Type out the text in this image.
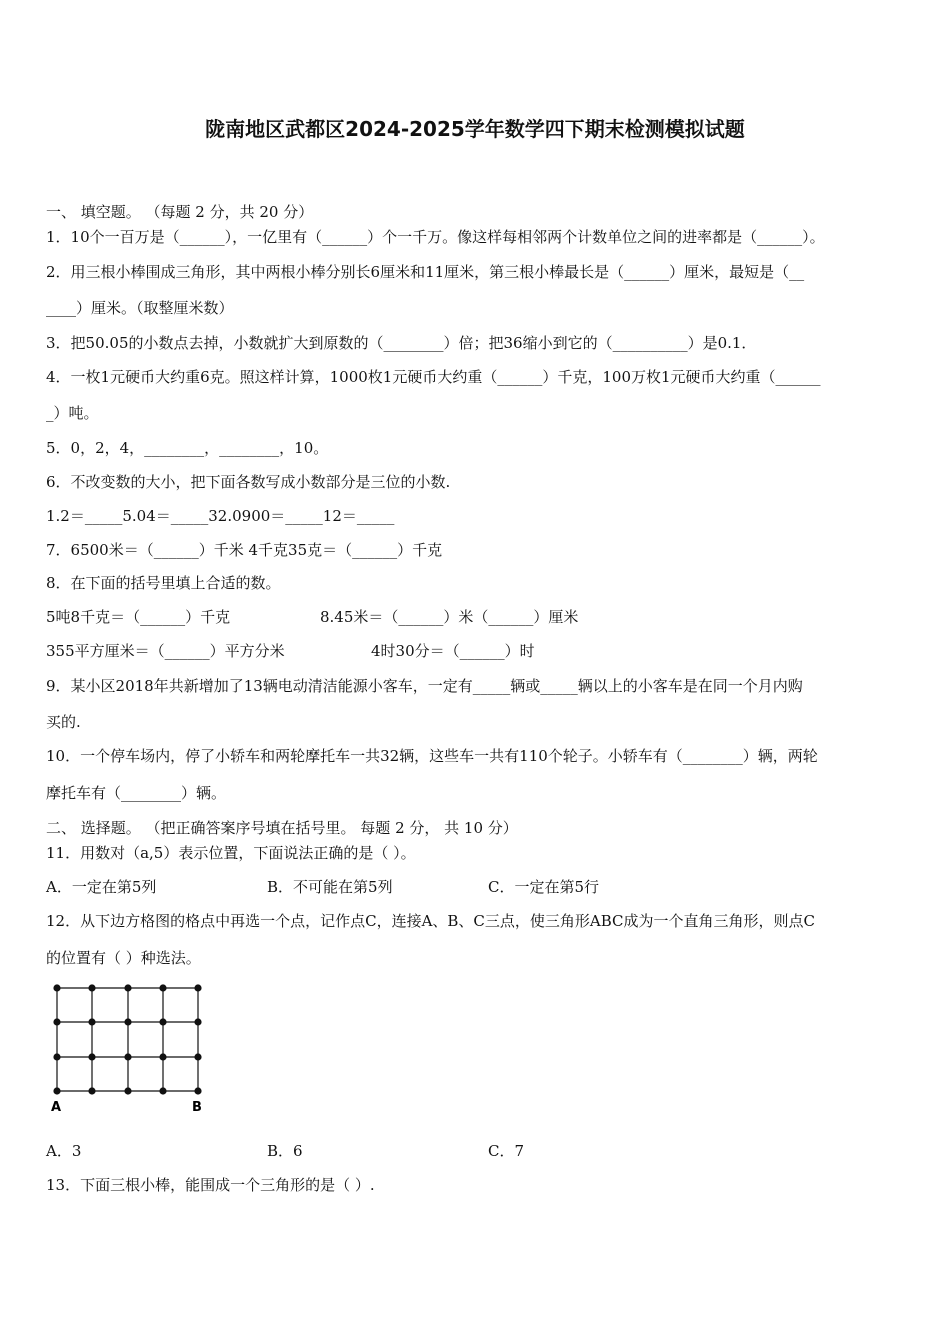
陇南地区武都区2024-2025学年数学四下期末检测模拟试题
一、 填空题。 （每题 2 分，共 20 分）
1．10个一百万是（______），一亿里有（______）个一千万。像这样每相邻两个计数单位之间的进率都是（______）。
2．用三根小棒围成三角形，其中两根小棒分别长6厘米和11厘米，第三根小棒最长是（______）厘米，最短是（__
____）厘米。（取整厘米数）
3．把50.05的小数点去掉，小数就扩大到原数的（________）倍；把36缩小到它的（__________）是0.1．
4．一枚1元硬币大约重6克。照这样计算，1000枚1元硬币大约重（______）千克，100万枚1元硬币大约重（______
_）吨。
5．0，2，4，________，________，10。
6．不改变数的大小，把下面各数写成小数部分是三位的小数.
1.2＝_____5.04＝_____32.0900＝_____12＝_____
7．6500米＝（______）千米 4千克35克＝（______）千克
8．在下面的括号里填上合适的数。
5吨8千克＝（______）千克	8.45米＝（______）米（______）厘米
355平方厘米＝（______）平方分米	4时30分＝（______）时
9．某小区2018年共新增加了13辆电动清洁能源小客车，一定有_____辆或_____辆以上的小客车是在同一个月内购
买的.
10．一个停车场内，停了小轿车和两轮摩托车一共32辆，这些车一共有110个轮子。小轿车有（________）辆，两轮
摩托车有（________）辆。
二、 选择题。 （把正确答案序号填在括号里。 每题 2 分， 共 10 分）
11．用数对（a,5）表示位置，下面说法正确的是（ ）。
A．一定在第5列	B．不可能在第5列	C．一定在第5行
12．从下边方格图的格点中再选一个点，记作点C，连接A、B、C三点，使三角形ABC成为一个直角三角形，则点C
的位置有（ ）种选法。
A	B
A．3	B．6	C．7
13．下面三根小棒，能围成一个三角形的是（ ）.
